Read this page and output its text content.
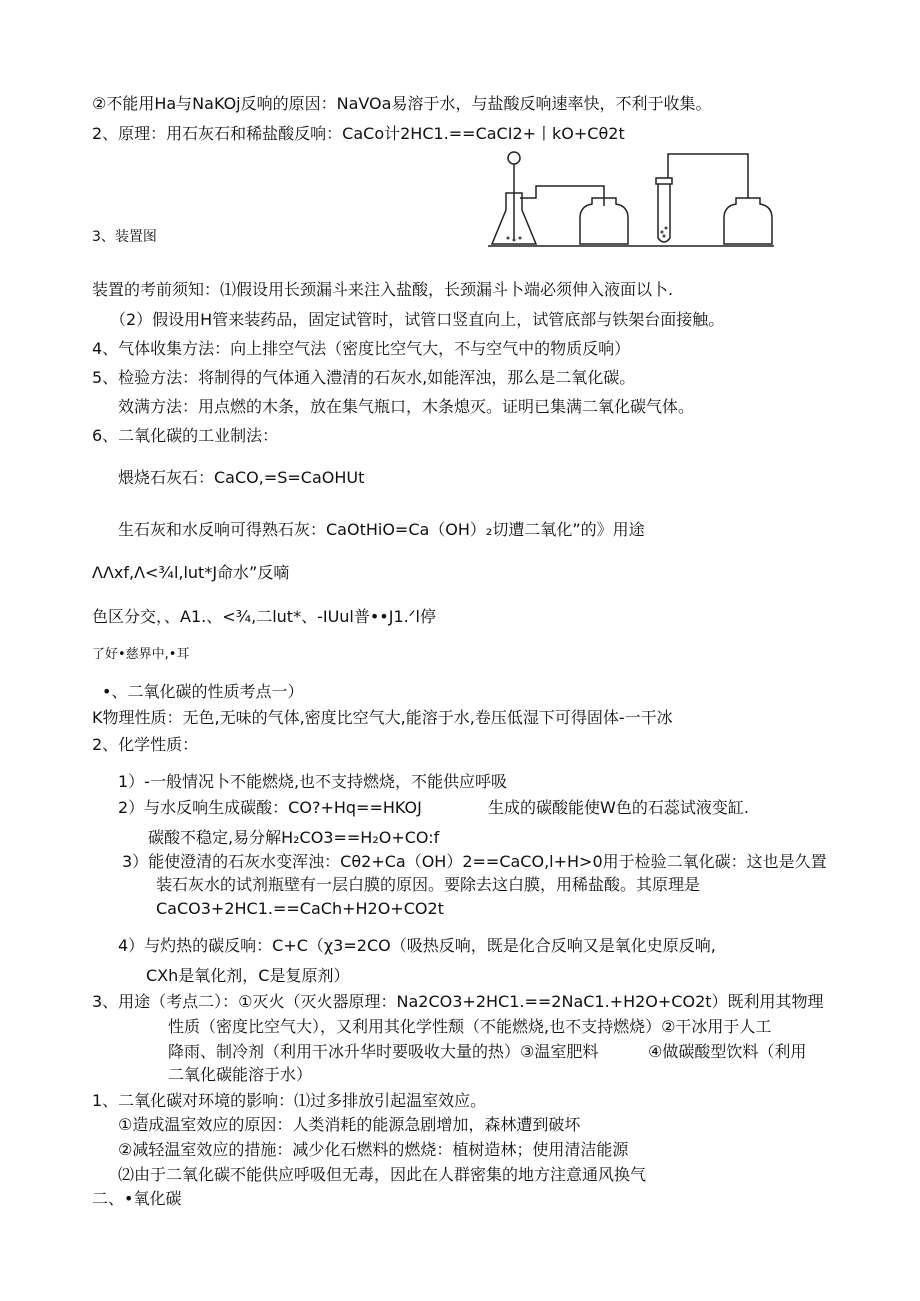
②不能用Ha与NaKOj反响的原因：NaVOa易溶于水，与盐酸反响速率快，不利于收集。
2、原理：用石灰石和稀盐酸反响：CaCo计2HC1.==CaCI2+丨kO+Cθ2t
3、装置图
装置的考前须知：⑴假设用长颈漏斗来注入盐酸，长颈漏斗卜端必须伸入液面以卜.
（2）假设用H管来装药品，固定试管时，试管口竖直向上，试管底部与铁架台面接触。
4、气体收集方法：向上排空气法（密度比空气大，不与空气中的物质反响）
5、检验方法：将制得的气体通入澧清的石灰水,如能浑浊，那么是二氧化碳。
效满方法：用点燃的木条，放在集气瓶口，木条熄灭。证明已集满二氧化碳气体。
6、二氧化碳的工业制法：
煨烧石灰石：CaCO,=S=CaOHUt
生石灰和水反响可得熟石灰：CaOtHiO=Ca（OH）₂切遭二氧化”的》用途
ΛΛxf,Λ<¾l,lut*J命水”反嘀
色区分交，、A1.、<¾,二lut*、-IUul普••J1.ᐟl停
了好•慈界中,•耳
•、二氧化碳的性质考点一）
K物理性质：无色,无味的气体,密度比空气大,能溶于水,卷压低湿下可得固体-一干冰
2、化学性质：
1）-一般情况卜不能燃烧,也不支持燃烧，不能供应呼吸
2）与水反响生成碳酸：CO?+Hq==HKOJ	生成的碳酸能使W色的石蕊试液变缸.
碳酸不稳定,易分解H₂CO3==H₂O+CO:f
3）能使澄清的石灰水变浑浊：Cθ2+Ca（OH）2==CaCO,l+H>0用于检验二氧化碳：这也是久置
装石灰水的试剂瓶壁有一层白膜的原因。要除去这白膜，用稀盐酸。其原理是
CaCO3+2HC1.==CaCh+H2O+CO2t
4）与灼热的碳反响：C+C（χ3=2CO（吸热反响，既是化合反响又是氧化史原反响,
CXh是氧化剂，C是复原剂）
3、用途（考点二）：①灭火（灭火器原理：Na2CO3+2HC1.==2NaC1.+H2O+CO2t）既利用其物理
性质（密度比空气大），又利用其化学性颓（不能燃烧,也不支持燃烧）②干冰用于人工
降雨、制冷剂（利用干冰升华时要吸收大量的热）③温室肥料	④做碳酸型饮料（利用
二氧化碳能溶于水）
1、二氧化碳对环境的影响：⑴过多排放引起温室效应。
①造成温室效应的原因：人类消耗的能源急剧增加，森林遭到破坏
②减轻温室效应的措施：减少化石燃料的燃烧：植树造林；使用清洁能源
⑵由于二氧化碳不能供应呼吸但无毒，因此在人群密集的地方注意通风换气
二、•氧化碳
